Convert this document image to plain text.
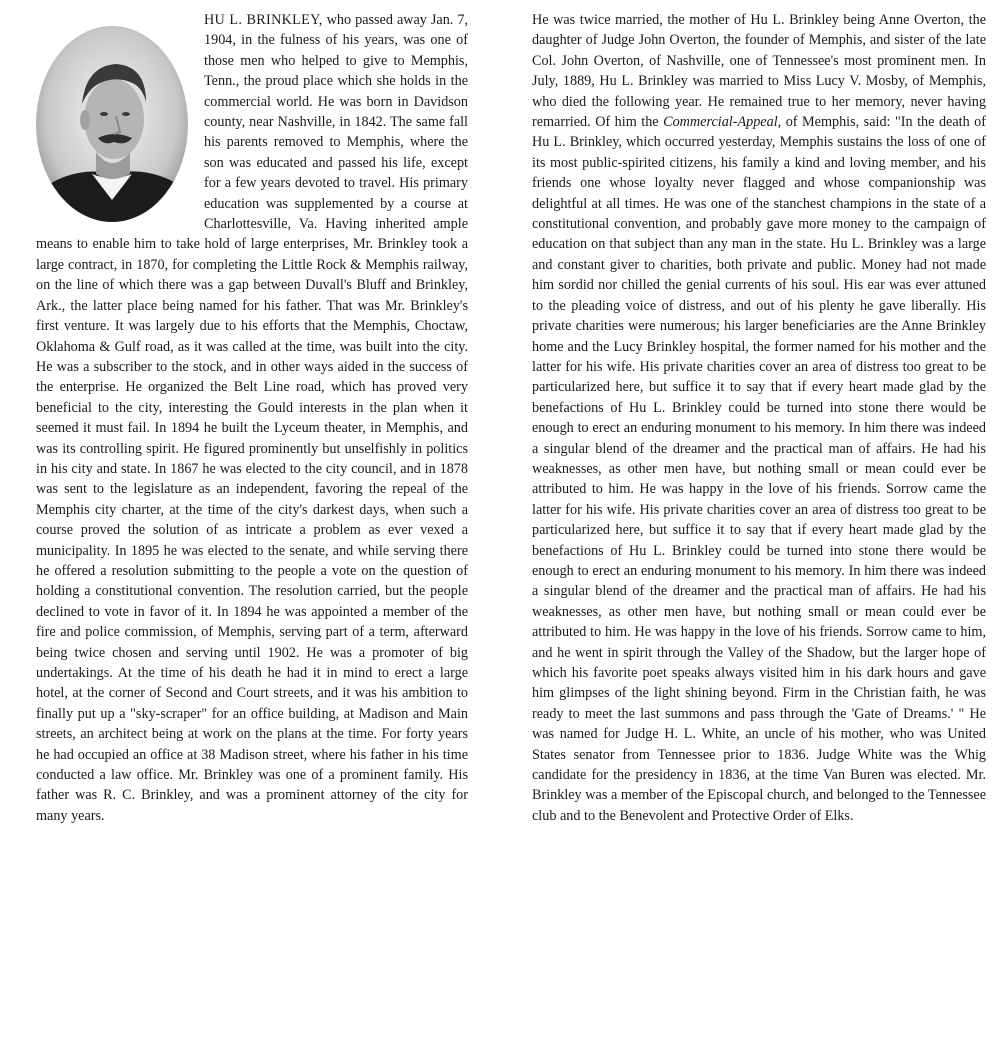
HU L. BRINKLEY, who passed away Jan. 7, 1904, in the fulness of his years, was one of those men who helped to give to Memphis, Tenn., the proud place which she holds in the commercial world. He was born in Davidson county, near Nashville, in 1842. The same fall his parents removed to Memphis, where the son was educated and passed his life, except for a few years devoted to travel. His primary education was supplemented by a course at Charlottesville, Va. Having inherited ample means to enable him to take hold of large enterprises, Mr. Brinkley took a large contract, in 1870, for completing the Little Rock & Memphis railway, on the line of which there was a gap between Duvall's Bluff and Brinkley, Ark., the latter place being named for his father. That was Mr. Brinkley's first venture. It was largely due to his efforts that the Memphis, Choctaw, Oklahoma & Gulf road, as it was called at the time, was built into the city. He was a subscriber to the stock, and in other ways aided in the success of the enterprise. He organized the Belt Line road, which has proved very beneficial to the city, interesting the Gould interests in the plan when it seemed it must fail. In 1894 he built the Lyceum theater, in Memphis, and was its controlling spirit. He figured prominently but unselfishly in politics in his city and state. In 1867 he was elected to the city council, and in 1878 was sent to the legislature as an independent, favoring the repeal of the Memphis city charter, at the time of the city's darkest days, when such a course proved the solution of as intricate a problem as ever vexed a municipality. In 1895 he was elected to the senate, and while serving there he offered a resolution submitting to the people a vote on the question of holding a constitutional convention. The resolution carried, but the people declined to vote in favor of it. In 1894 he was appointed a member of the fire and police commission, of Memphis, serving part of a term, afterward being twice chosen and serving until 1902. He was a promoter of big undertakings. At the time of his death he had it in mind to erect a large hotel, at the corner of Second and Court streets, and it was his ambition to finally put up a "sky-scraper" for an office building, at Madison and Main streets, an architect being at work on the plans at the time. For forty years he had occupied an office at 38 Madison street, where his father in his time conducted a law office. Mr. Brinkley was one of a prominent family. His father was R. C. Brinkley, and was a prominent attorney of the city for many years.

He was twice married, the mother of Hu L. Brinkley being Anne Overton, the daughter of Judge John Overton, the founder of Memphis, and sister of the late Col. John Overton, of Nashville, one of Tennessee's most prominent men. In July, 1889, Hu L. Brinkley was married to Miss Lucy V. Mosby, of Memphis, who died the following year. He remained true to her memory, never having remarried. Of him the Commercial-Appeal, of Memphis, said: "In the death of Hu L. Brinkley, which occurred yesterday, Memphis sustains the loss of one of its most public-spirited citizens, his family a kind and loving member, and his friends one whose loyalty never flagged and whose companionship was delightful at all times. He was one of the stanchest champions in the state of a constitutional convention, and probably gave more money to the campaign of education on that subject than any man in the state. Hu L. Brinkley was a large and constant giver to charities, both private and public. Money had not made him sordid nor chilled the genial currents of his soul. His ear was ever attuned to the pleading voice of distress, and out of his plenty he gave liberally. His private charities were numerous; his larger beneficiaries are the Anne Brinkley home and the Lucy Brinkley hospital, the former named for his mother and the latter for his wife. His private charities cover an area of distress too great to be particularized here, but suffice it to say that if every heart made glad by the benefactions of Hu L. Brinkley could be turned into stone there would be enough to erect an enduring monument to his memory. In him there was indeed a singular blend of the dreamer and the practical man of affairs. He had his weaknesses, as other men have, but nothing small or mean could ever be attributed to him. He was happy in the love of his friends. Sorrow came the latter for his wife. His private charities cover an area of distress too great to be particularized here, but suffice it to say that if every heart made glad by the benefactions of Hu L. Brinkley could be turned into stone there would be enough to erect an enduring monument to his memory. In him there was indeed a singular blend of the dreamer and the practical man of affairs. He had his weaknesses, as other men have, but nothing small or mean could ever be attributed to him. He was happy in the love of his friends. Sorrow came to him, and he went in spirit through the Valley of the Shadow, but the larger hope of which his favorite poet speaks always visited him in his dark hours and gave him glimpses of the light shining beyond. Firm in the Christian faith, he was ready to meet the last summons and pass through the 'Gate of Dreams.' " He was named for Judge H. L. White, an uncle of his mother, who was United States senator from Tennessee prior to 1836. Judge White was the Whig candidate for the presidency in 1836, at the time Van Buren was elected. Mr. Brinkley was a member of the Episcopal church, and belonged to the Tennessee club and to the Benevolent and Protective Order of Elks.
